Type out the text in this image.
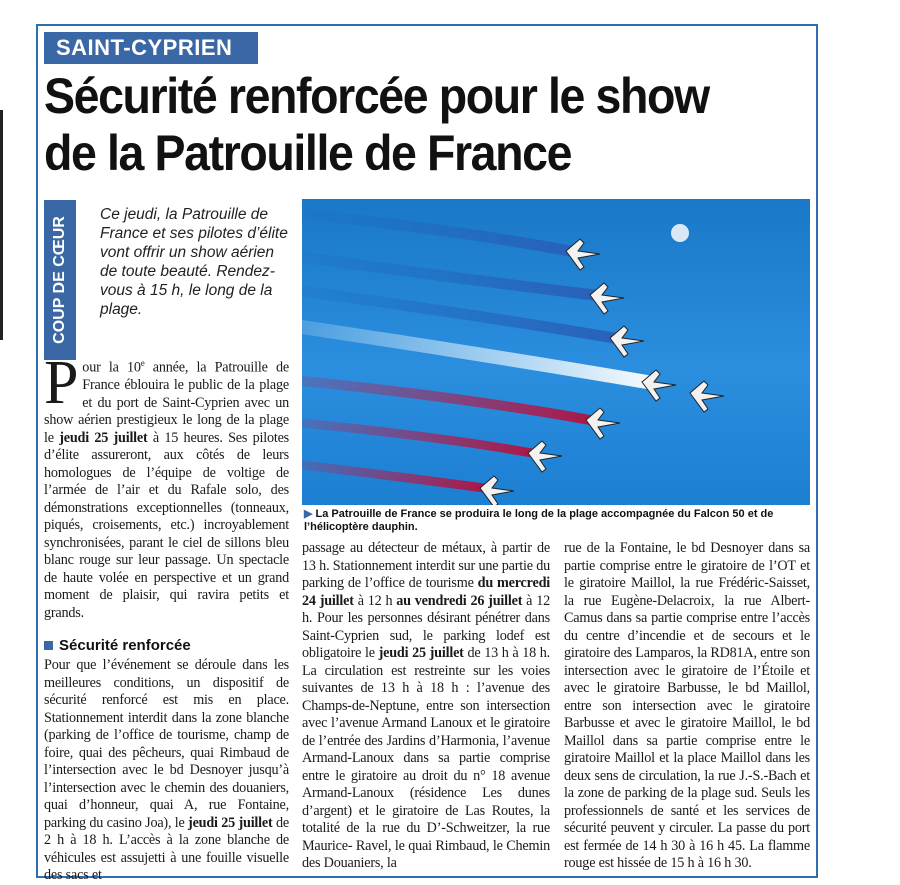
SAINT-CYPRIEN
Sécurité renforcée pour le show
de la Patrouille de France
COUP DE CŒUR

Ce jeudi, la Patrouille de France et ses pilotes d’élite vont offrir un show aérien de toute beauté. Rendez-vous à 15 h, le long de la plage.

▶ La Patrouille de France se produira le long de la plage accompagnée du Falcon 50 et de l’hélicoptère dauphin.

Pour la 10e année, la Patrouille de France éblouira le public de la plage et du port de Saint-Cyprien avec un show aérien prestigieux le long de la plage le jeudi 25 juillet à 15 heures. Ses pilotes d’élite assureront, aux côtés de leurs homologues de l’équipe de voltige de l’armée de l’air et du Rafale solo, des démonstrations exceptionnelles (tonneaux, piqués, croisements, etc.) incroyablement synchronisées, parant le ciel de sillons bleu blanc rouge sur leur passage. Un spectacle de haute volée en perspective et un grand moment de plaisir, qui ravira petits et grands.

Sécurité renforcée

Pour que l’événement se déroule dans les meilleures conditions, un dispositif de sécurité renforcé est mis en place. Stationnement interdit dans la zone blanche (parking de l’office de tourisme, champ de foire, quai des pêcheurs, quai Rimbaud de l’intersection avec le bd Desnoyer jusqu’à l’intersection avec le chemin des douaniers, quai d’honneur, quai A, rue Fontaine, parking du casino Joa), le jeudi 25 juillet de 2 h à 18 h. L’accès à la zone blanche de véhicules est assujetti à une fouille visuelle des sacs et

passage au détecteur de métaux, à partir de 13 h. Stationnement interdit sur une partie du parking de l’office de tourisme du mercredi 24 juillet à 12 h au vendredi 26 juillet à 12 h. Pour les personnes désirant pénétrer dans Saint-Cyprien sud, le parking lodef est obligatoire le jeudi 25 juillet de 13 h à 18 h. La circulation est restreinte sur les voies suivantes de 13 h à 18 h : l’avenue des Champs-de-Neptune, entre son intersection avec l’avenue Armand Lanoux et le giratoire de l’entrée des Jardins d’Harmonia, l’avenue Armand-Lanoux dans sa partie comprise entre le giratoire au droit du n° 18 avenue Armand-Lanoux (résidence Les dunes d’argent) et le giratoire de Las Routes, la totalité de la rue du D’-Schweitzer, la rue Maurice- Ravel, le quai Rimbaud, le Chemin des Douaniers, la

rue de la Fontaine, le bd Desnoyer dans sa partie comprise entre le giratoire de l’OT et le giratoire Maillol, la rue Frédéric-Saisset, la rue Eugène-Delacroix, la rue Albert-Camus dans sa partie comprise entre l’accès du centre d’incendie et de secours et le giratoire des Lamparos, la RD81A, entre son intersection avec le giratoire de l’Étoile et avec le giratoire Barbusse, le bd Maillol, entre son intersection avec le giratoire Barbusse et avec le giratoire Maillol, le bd Maillol dans sa partie comprise entre le giratoire Maillol et la place Maillol dans les deux sens de circulation, la rue J.-S.-Bach et la zone de parking de la plage sud. Seuls les professionnels de santé et les services de sécurité peuvent y circuler. La passe du port est fermée de 14 h 30 à 16 h 45. La flamme rouge est hissée de 15 h à 16 h 30.
